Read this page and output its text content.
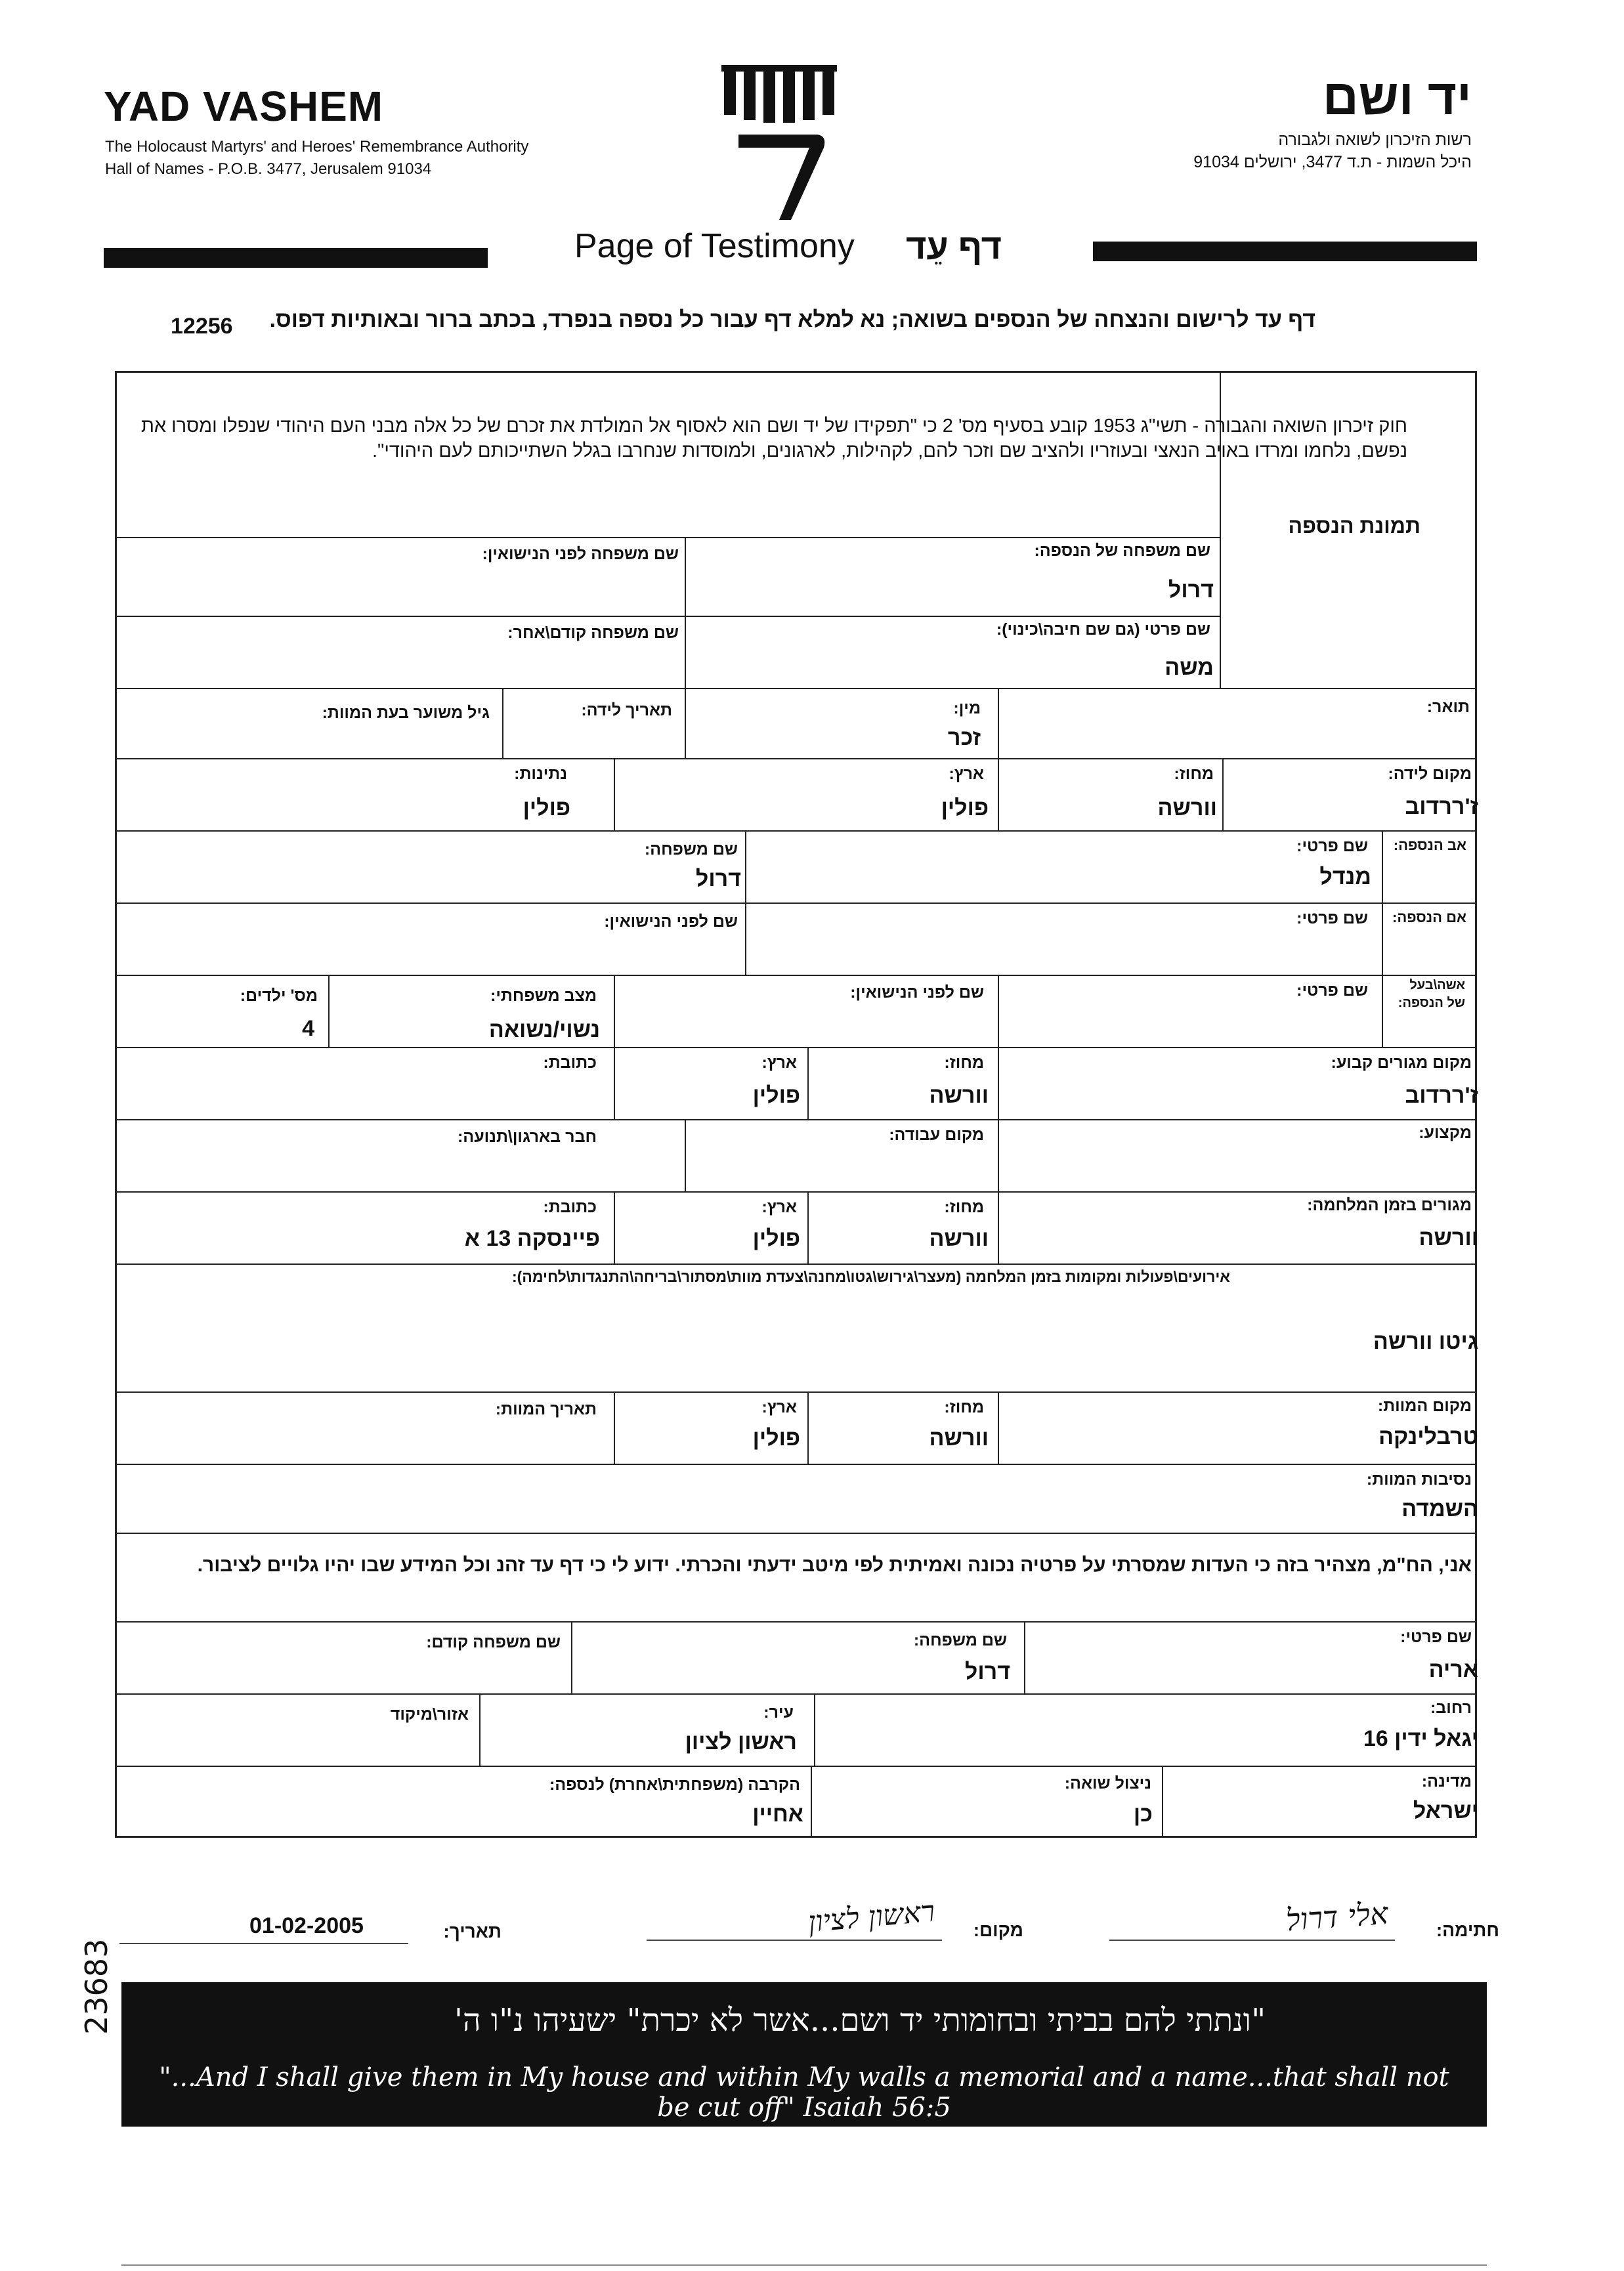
YAD VASHEM
The Holocaust Martyrs' and Heroes' Remembrance Authority
Hall of Names - P.O.B. 3477, Jerusalem 91034
יד ושם
רשות הזיכרון לשואה ולגבורה
היכל השמות - ת.ד 3477, ירושלים 91034
Page of Testimony דף עֵד
12256 דף עד לרישום והנצחה של הנספים בשואה; נא למלא דף עבור כל נספה בנפרד, בכתב ברור ובאותיות דפוס.
חוק זיכרון השואה והגבורה - תשי"ג 1953 קובע בסעיף מס' 2 כי "תפקידו של יד ושם הוא לאסוף אל המולדת את זכרם של כל אלה מבני העם היהודי שנפלו ומסרו את נפשם, נלחמו ומרדו באויב הנאצי ובעוזריו ולהציב שם וזכר להם, לקהילות, לארגונים, ולמוסדות שנחרבו בגלל השתייכותם לעם היהודי".
תמונת הנספה
שם משפחה של הנספה:
דרול
שם משפחה לפני הנישואין:
שם פרטי (גם שם חיבה\כינוי):
משה
שם משפחה קודם\אחר:
תואר:
מין:
זכר
תאריך לידה:
גיל משוער בעת המוות:
מקום לידה:
ז'ררדוב
מחוז:
וורשה
ארץ:
פולין
נתינות:
פולין
אב הנספה:
שם פרטי:
מנדל
שם משפחה:
דרול
אם הנספה:
שם פרטי:
שם לפני הנישואין:
אשה\בעל
של הנספה:
שם פרטי:
שם לפני הנישואין:
מצב משפחתי:
נשוי/נשואה
מס' ילדים:
4
מקום מגורים קבוע:
ז'ררדוב
מחוז:
וורשה
ארץ:
פולין
כתובת:
מקצוע:
מקום עבודה:
חבר בארגון\תנועה:
מגורים בזמן המלחמה:
וורשה
מחוז:
וורשה
ארץ:
פולין
כתובת:
פיינסקה 13 א
אירועים\פעולות ומקומות בזמן המלחמה (מעצר\גירוש\גטו\מחנה\צעדת מוות\מסתור\בריחה\התנגדות\לחימה):
גיטו וורשה
מקום המוות:
טרבלינקה
מחוז:
וורשה
ארץ:
פולין
תאריך המוות:
נסיבות המוות:
השמדה
אני, הח"מ, מצהיר בזה כי העדות שמסרתי על פרטיה נכונה ואמיתית לפי מיטב ידעתי והכרתי. ידוע לי כי דף עד זהנ וכל המידע שבו יהיו גלויים לציבור.
שם פרטי:
אריה
שם משפחה:
דרול
שם משפחה קודם:
רחוב:
יגאל ידין 16
עיר:
ראשון לציון
אזור\מיקוד
מדינה:
ישראל
ניצול שואה:
כן
הקרבה (משפחתית\אחרת) לנספה:
אחיין
חתימה:
אלי דרול
מקום:
ראשון לציון
תאריך:
01-02-2005
"ונתתי להם בביתי ובחומותי יד ושם...אשר לא יכרת" ישעיהו נ"ו ה'
"...And I shall give them in My house and within My walls a memorial and a name...that shall not be cut off" Isaiah 56:5
23683
